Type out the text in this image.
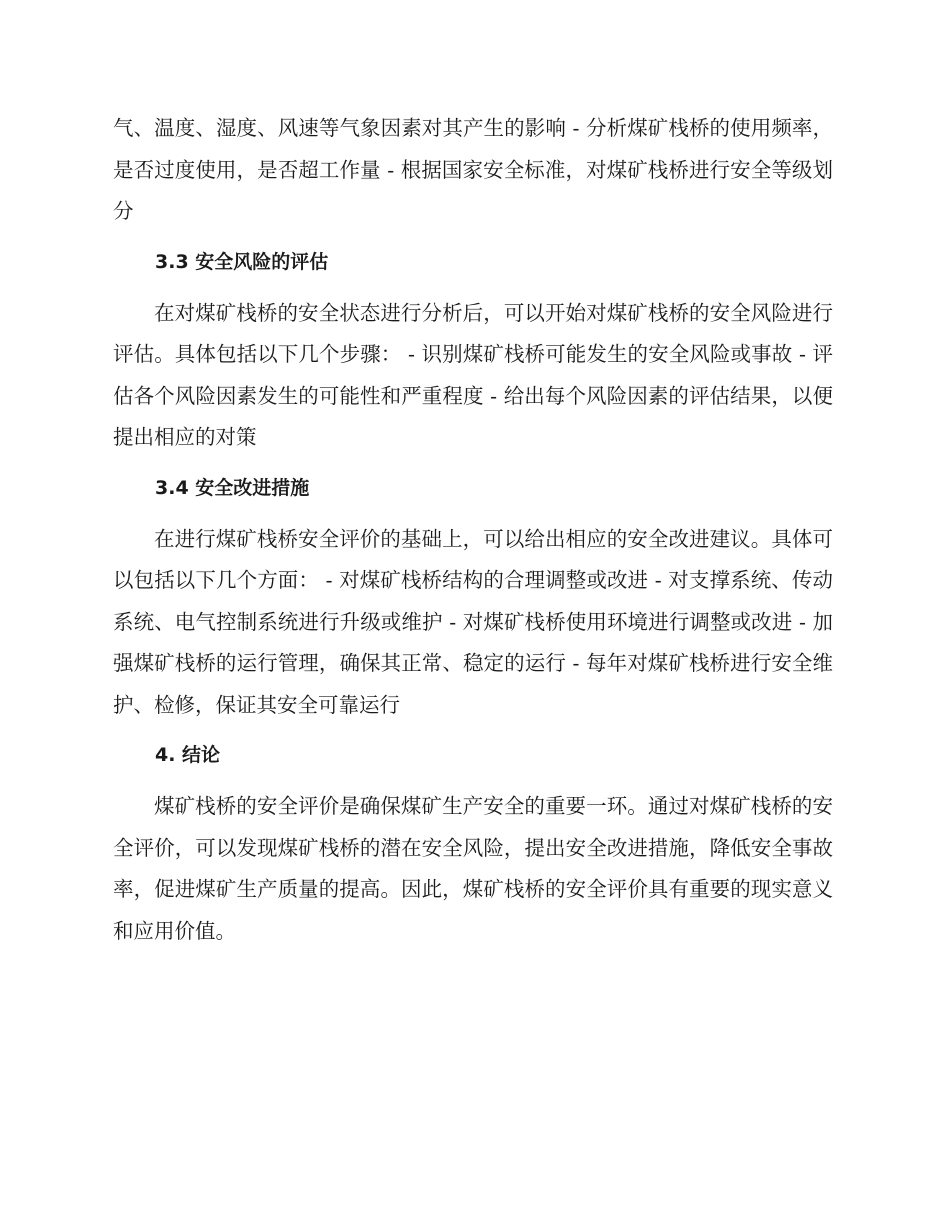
气、温度、湿度、风速等气象因素对其产生的影响 - 分析煤矿栈桥的使用频率，是否过度使用，是否超工作量 - 根据国家安全标准，对煤矿栈桥进行安全等级划分

3.3 安全风险的评估

在对煤矿栈桥的安全状态进行分析后，可以开始对煤矿栈桥的安全风险进行评估。具体包括以下几个步骤： - 识别煤矿栈桥可能发生的安全风险或事故 - 评估各个风险因素发生的可能性和严重程度 - 给出每个风险因素的评估结果，以便提出相应的对策

3.4 安全改进措施

在进行煤矿栈桥安全评价的基础上，可以给出相应的安全改进建议。具体可以包括以下几个方面： - 对煤矿栈桥结构的合理调整或改进 - 对支撑系统、传动系统、电气控制系统进行升级或维护 - 对煤矿栈桥使用环境进行调整或改进 - 加强煤矿栈桥的运行管理，确保其正常、稳定的运行 - 每年对煤矿栈桥进行安全维护、检修，保证其安全可靠运行

4. 结论

煤矿栈桥的安全评价是确保煤矿生产安全的重要一环。通过对煤矿栈桥的安全评价，可以发现煤矿栈桥的潜在安全风险，提出安全改进措施，降低安全事故率，促进煤矿生产质量的提高。因此，煤矿栈桥的安全评价具有重要的现实意义和应用价值。
